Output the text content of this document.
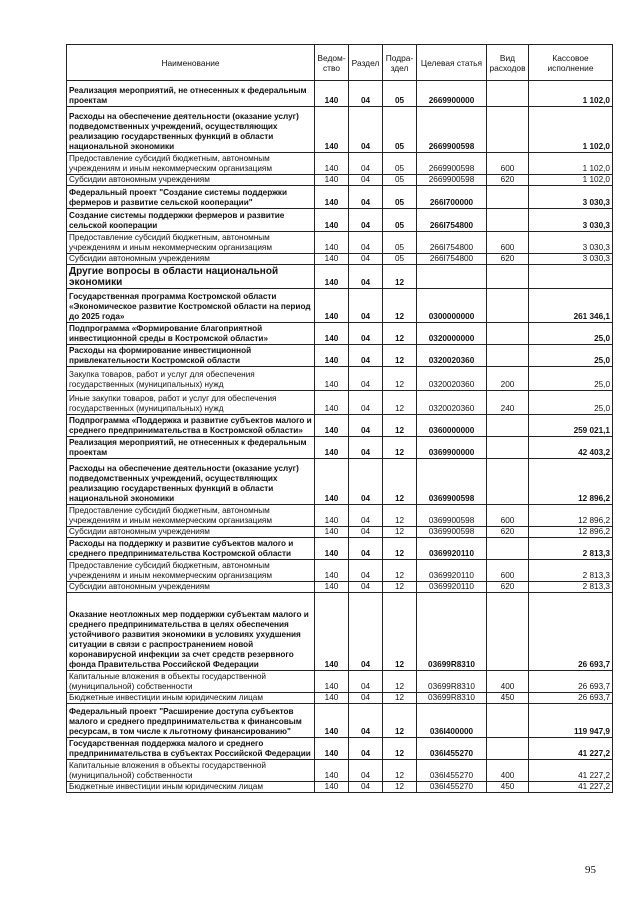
Наименование	Ведом-ство	Раздел	Подра-здел	Целевая статья	Вид расходов	Кассовое исполнение
Реализация мероприятий, не отнесенных к федеральным проектам	140	04	05	2669900000		1 102,0
Расходы на обеспечение деятельности (оказание услуг) подведомственных учреждений, осуществляющих реализацию государственных функций в области национальной экономики	140	04	05	2669900598		1 102,0
Предоставление субсидий бюджетным, автономным учреждениям и иным некоммерческим организациям	140	04	05	2669900598	600	1 102,0
Субсидии автономным учреждениям	140	04	05	2669900598	620	1 102,0
Федеральный проект "Создание системы поддержки фермеров и развитие сельской кооперации"	140	04	05	266I700000		3 030,3
Создание системы поддержки фермеров и развитие сельской кооперации	140	04	05	266I754800		3 030,3
Предоставление субсидий бюджетным, автономным учреждениям и иным некоммерческим организациям	140	04	05	266I754800	600	3 030,3
Субсидии автономным учреждениям	140	04	05	266I754800	620	3 030,3
Другие вопросы в области национальной экономики	140	04	12			
Государственная программа Костромской области «Экономическое развитие Костромской области на период до 2025 года»	140	04	12	0300000000		261 346,1
Подпрограмма «Формирование благоприятной инвестиционной среды в Костромской области»	140	04	12	0320000000		25,0
Расходы на формирование инвестиционной привлекательности Костромской области	140	04	12	0320020360		25,0
Закупка товаров, работ и услуг для обеспечения государственных (муниципальных) нужд	140	04	12	0320020360	200	25,0
Иные закупки товаров, работ и услуг для обеспечения государственных (муниципальных) нужд	140	04	12	0320020360	240	25,0
Подпрограмма «Поддержка и развитие субъектов малого и среднего предпринимательства в Костромской области»	140	04	12	0360000000		259 021,1
Реализация мероприятий, не отнесенных к федеральным проектам	140	04	12	0369900000		42 403,2
Расходы на обеспечение деятельности (оказание услуг) подведомственных учреждений, осуществляющих реализацию государственных функций в области национальной экономики	140	04	12	0369900598		12 896,2
Предоставление субсидий бюджетным, автономным учреждениям и иным некоммерческим организациям	140	04	12	0369900598	600	12 896,2
Субсидии автономным учреждениям	140	04	12	0369900598	620	12 896,2
Расходы на поддержку и развитие субъектов малого и среднего предпринимательства Костромской области	140	04	12	0369920110		2 813,3
Предоставление субсидий бюджетным, автономным учреждениям и иным некоммерческим организациям	140	04	12	0369920110	600	2 813,3
Субсидии автономным учреждениям	140	04	12	0369920110	620	2 813,3
Оказание неотложных мер поддержки субъектам малого и среднего предпринимательства в целях обеспечения устойчивого развития экономики в условиях ухудшения ситуации в связи с распространением новой коронавирусной инфекции за счет средств резервного фонда Правительства Российской Федерации	140	04	12	03699R8310		26 693,7
Капитальные вложения в объекты государственной (муниципальной) собственности	140	04	12	03699R8310	400	26 693,7
Бюджетные инвестиции иным юридическим лицам	140	04	12	03699R8310	450	26 693,7
Федеральный проект "Расширение доступа субъектов малого и среднего предпринимательства к финансовым ресурсам, в том числе к льготному финансированию"	140	04	12	036I400000		119 947,9
Государственная поддержка малого и среднего предпринимательства в субъектах Российской Федерации	140	04	12	036I455270		41 227,2
Капитальные вложения в объекты государственной (муниципальной) собственности	140	04	12	036I455270	400	41 227,2
Бюджетные инвестиции иным юридическим лицам	140	04	12	036I455270	450	41 227,2
95
